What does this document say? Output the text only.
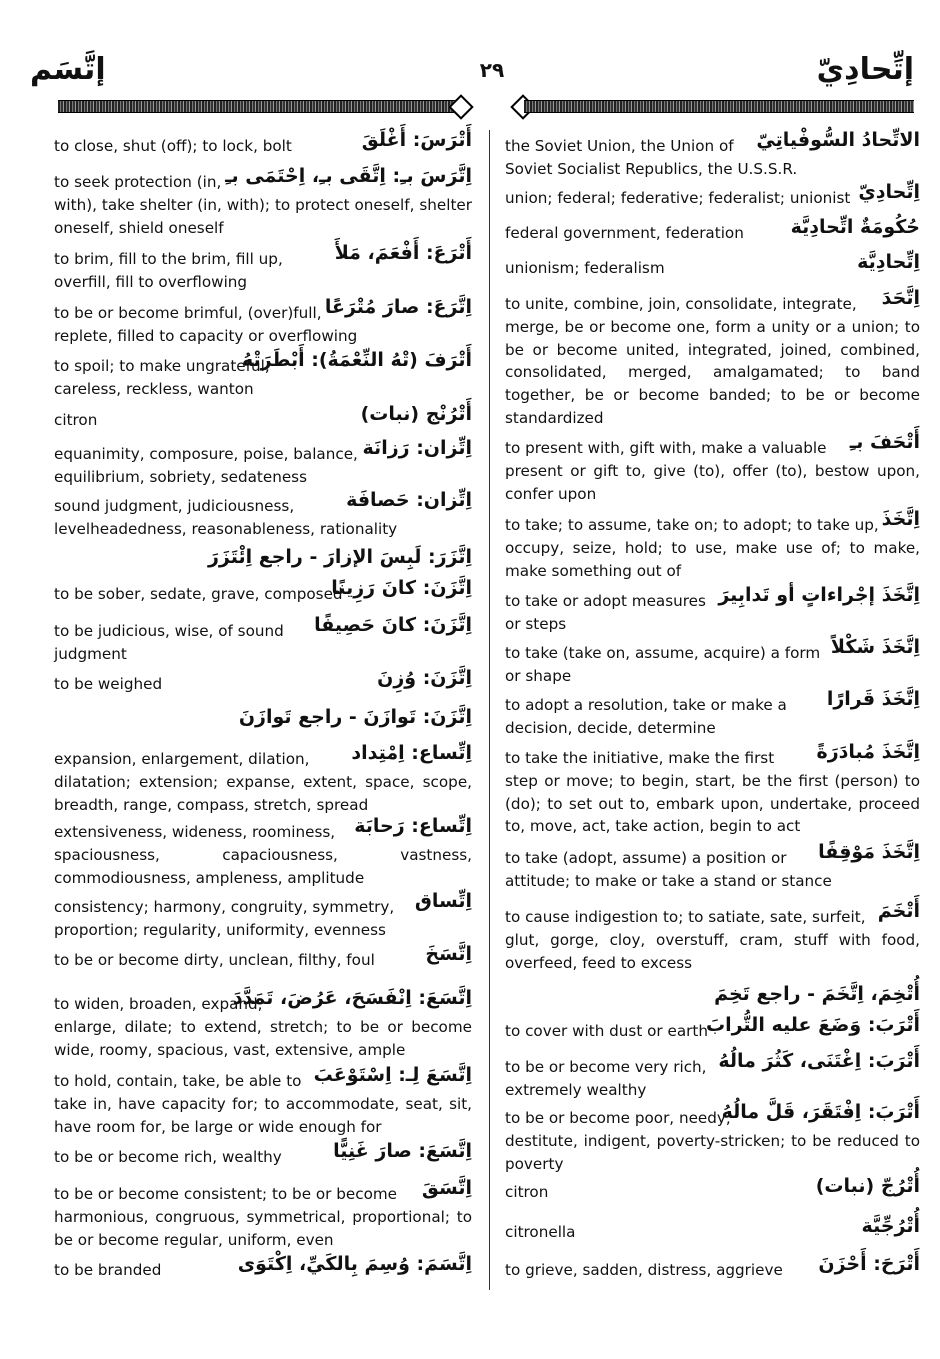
إتَّسَم	٢٩	إتِّحادِيّ
أَتْرَسَ: أَغْلَقَ

to close, shut (off); to lock, bolt

اِتَّرَسَ بـِ: اِتَّقَى بـِ، اِحْتَمَى بـِ

to seek protection (in,
with), take shelter (in, with); to protect oneself, shelter oneself, shield oneself

أَتْرَعَ: أَفْعَمَ، مَلأَ

to brim, fill to the brim, fill up,
overfill, fill to overflowing

اِتَّرَعَ: صارَ مُتْرَعًا

to be or become brimful, (over)full,
replete, filled to capacity or overflowing

أَتْرَفَ (تْهُ النِّعْمَةُ): أَبْطَرَتْهُ

to spoil; to make ungrateful,
careless, reckless, wanton

أَتْرُنْج (نبات)

citron

اِتِّزان: رَزانَة

equanimity, composure, poise, balance,
equilibrium, sobriety, sedateness

اِتِّزان: حَصافَة

sound judgment, judiciousness,
levelheadedness, reasonableness, rationality

اِتَّزَرَ: لَبِسَ الإزارَ - راجع اِئْتَزَرَ
اِتَّزَنَ: كانَ رَزِينًا

to be sober, sedate, grave, composed

اِتَّزَنَ: كانَ حَصِيفًا

to be judicious, wise, of sound
judgment

اِتَّزَنَ: وُزِنَ

to be weighed

اِتَّزَنَ: تَوازَنَ - راجع تَوازَنَ
اِتِّساع: اِمْتِداد

expansion, enlargement, dilation,
dilatation; extension; expanse, extent, space, scope, breadth, range, compass, stretch, spread

اِتِّساع: رَحابَة

extensiveness, wideness, roominess,
spaciousness, capaciousness, vastness, commodiousness, ampleness, amplitude

اِتِّساق

consistency; harmony, congruity, symmetry,
proportion; regularity, uniformity, evenness

اِتَّسَخَ

to be or become dirty, unclean, filthy, foul

اِتَّسَعَ: اِنْفَسَحَ، عَرُضَ، تَمَدَّدَ

to widen, broaden, expand,
enlarge, dilate; to extend, stretch; to be or become wide, roomy, spacious, vast, extensive, ample

اِتَّسَعَ لِـ: اِسْتَوْعَبَ

to hold, contain, take, be able to
take in, have capacity for; to accommodate, seat, sit, have room for, be large or wide enough for

اِتَّسَعَ: صارَ غَنِيًّا

to be or become rich, wealthy

اِتَّسَقَ

to be or become consistent; to be or become
harmonious, congruous, symmetrical, proportional; to be or become regular, uniform, even

اِتَّسَمَ: وُسِمَ بِالكَيِّ، اِكْتَوَى

to be branded

الاتِّحادُ السُّوفْياتِيّ

the Soviet Union, the Union of
Soviet Socialist Republics, the U.S.S.R.

اِتِّحادِيّ

union; federal; federative; federalist; unionist

حُكُومَةٌ اتِّحادِيَّة

federal government, federation

اِتِّحادِيَّة

unionism; federalism

اِتَّحَدَ

to unite, combine, join, consolidate, integrate,
merge, be or become one, form a unity or a union; to be or become united, integrated, joined, combined, consolidated, merged, amalgamated; to band together, be or become banded; to be or become standardized

أَتْحَفَ بـِ

to present with, gift with, make a valuable
present or gift to, give (to), offer (to), bestow upon, confer upon

اِتَّخَذَ

to take; to assume, take on; to adopt; to take up,
occupy, seize, hold; to use, make use of; to make, make something out of

اِتَّخَذَ إجْراءاتٍ أو تَدابِيرَ

to take or adopt measures
or steps

اِتَّخَذَ شَكْلاً

to take (take on, assume, acquire) a form
or shape

اِتَّخَذَ قَرارًا

to adopt a resolution, take or make a
decision, decide, determine

اِتَّخَذَ مُبادَرَةً

to take the initiative, make the first
step or move; to begin, start, be the first (person) to (do); to set out to, embark upon, undertake, proceed to, move, act, take action, begin to act

اِتَّخَذَ مَوْقِفًا

to take (adopt, assume) a position or
attitude; to make or take a stand or stance

أَتْخَمَ

to cause indigestion to; to satiate, sate, surfeit,
glut, gorge, cloy, overstuff, cram, stuff with food, overfeed, feed to excess

أُتْخِمَ، اِتَّخَمَ - راجع تَخِمَ
أَتْرَبَ: وَضَعَ عليه التُّرابَ

to cover with dust or earth

أَتْرَبَ: اِغْتَنَى، كَثُرَ مالُهُ

to be or become very rich,
extremely wealthy

أَتْرَبَ: اِفْتَقَرَ، قَلَّ مالُهُ

to be or become poor, needy,
destitute, indigent, poverty-stricken; to be reduced to poverty

أُتْرُجّ (نبات)

citron

أُتْرُجِّيَّة

citronella

أَتْرَحَ: أَحْزَنَ

to grieve, sadden, distress, aggrieve
